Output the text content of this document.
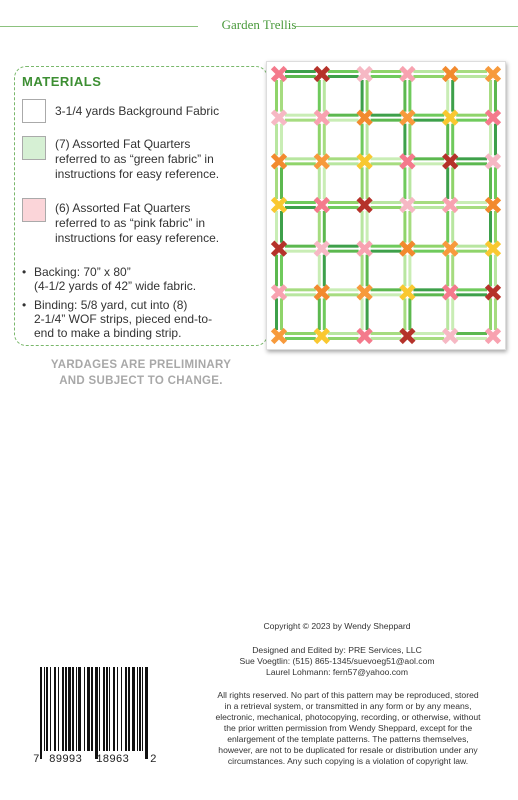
Garden Trellis
MATERIALS
3-1/4 yards Background Fabric
(7) Assorted Fat Quarters
referred to as “green fabric” in
instructions for easy reference.
(6) Assorted Fat Quarters
referred to as “pink fabric” in
instructions for easy reference.
• Backing: 70” x 80”
(4-1/2 yards of 42” wide fabric.
• Binding: 5/8 yard, cut into (8)
2-1/4” WOF strips, pieced end-to-
end to make a binding strip.
YARDAGES ARE PRELIMINARY
AND SUBJECT TO CHANGE.
Copyright © 2023 by Wendy Sheppard
Designed and Edited by: PRE Services, LLC
Sue Voegtlin: (515) 865-1345/suevoeg51@aol.com
Laurel Lohmann: fern57@yahoo.com
All rights reserved. No part of this pattern may be reproduced, stored
in a retrieval system, or transmitted in any form or by any means,
electronic, mechanical, photocopying, recording, or otherwise, without
the prior written permission from Wendy Sheppard, except for the
enlargement of the template patterns. The patterns themselves,
however, are not to be duplicated for resale or distribution under any
circumstances. Any such copying is a violation of copyright law.
7 89993 18963 2
